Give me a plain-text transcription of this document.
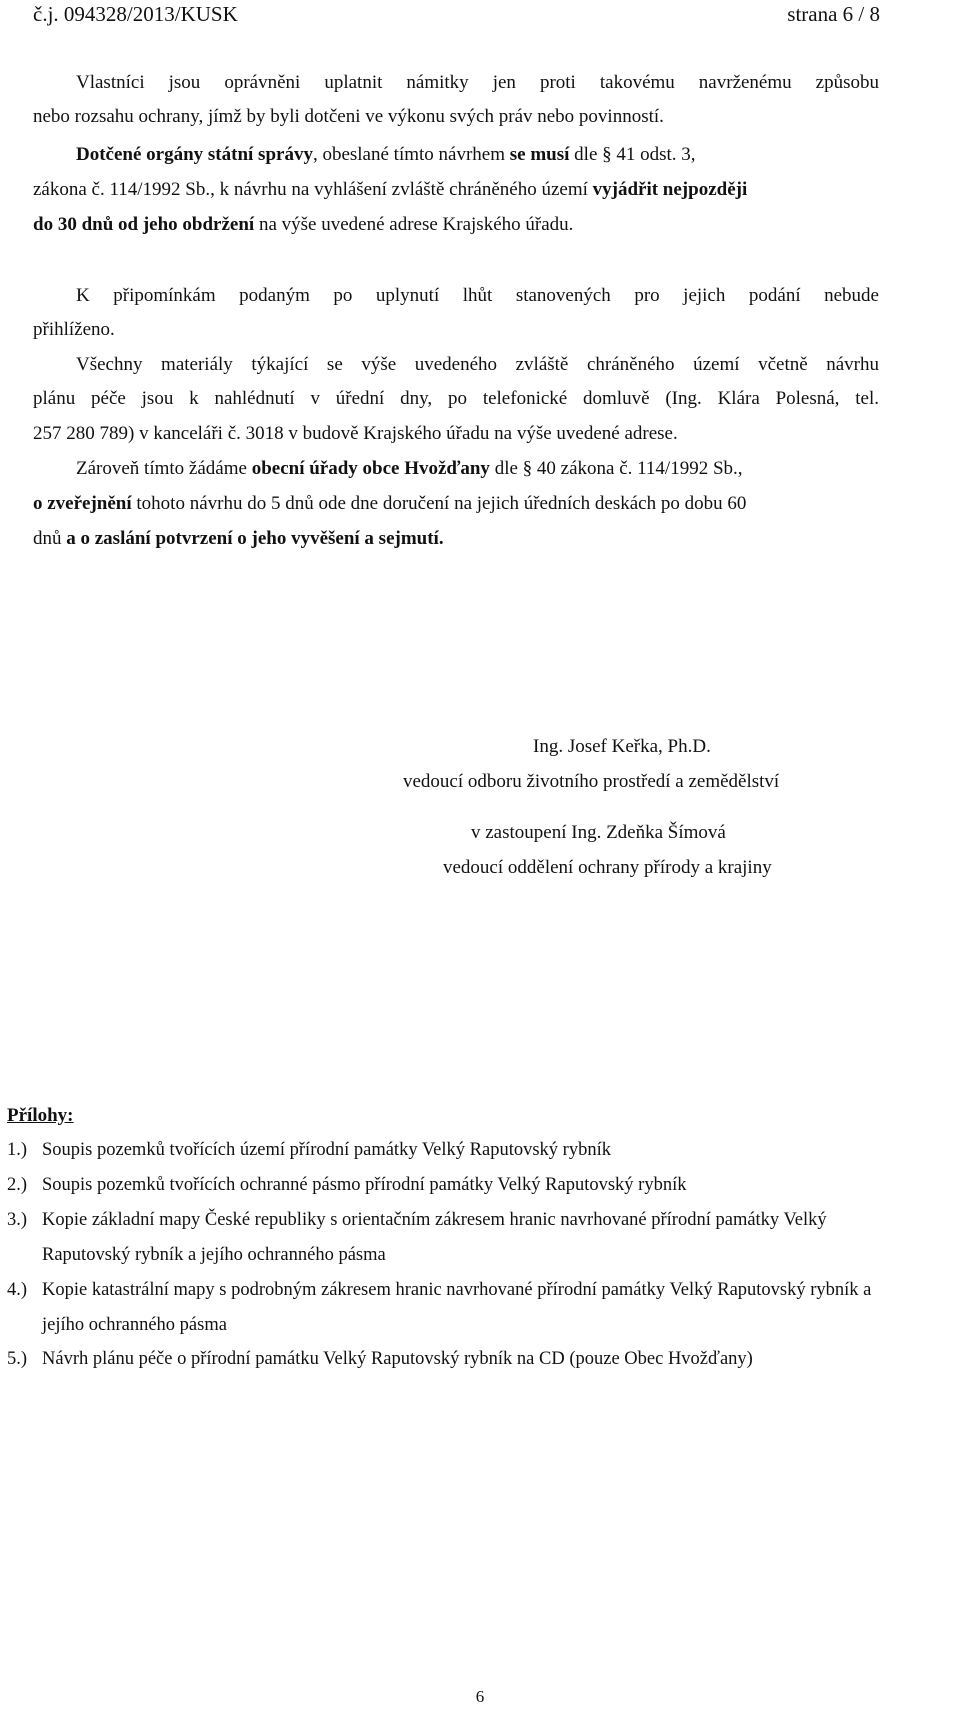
č.j. 094328/2013/KUSK	strana 6 / 8
Vlastníci jsou oprávněni uplatnit námitky jen proti takovému navrženému způsobu
nebo rozsahu ochrany, jímž by byli dotčeni ve výkonu svých práv nebo povinností.
Dotčené orgány státní správy, obeslané tímto návrhem se musí dle § 41 odst. 3,
zákona č. 114/1992 Sb., k návrhu na vyhlášení zvláště chráněného území vyjádřit nejpozději
do 30 dnů od jeho obdržení na výše uvedené adrese Krajského úřadu.
K připomínkám podaným po uplynutí lhůt stanovených pro jejich podání nebude
přihlíženo.
Všechny materiály týkající se výše uvedeného zvláště chráněného území včetně návrhu
plánu péče jsou k nahlédnutí v úřední dny, po telefonické domluvě (Ing. Klára Polesná, tel.
257 280 789) v kanceláři č. 3018 v budově Krajského úřadu na výše uvedené adrese.
Zároveň tímto žádáme obecní úřady obce Hvožďany dle § 40 zákona č. 114/1992 Sb.,
o zveřejnění tohoto návrhu do 5 dnů ode dne doručení na jejich úředních deskách po dobu 60
dnů a o zaslání potvrzení o jeho vyvěšení a sejmutí.
Ing. Josef Keřka, Ph.D.
vedoucí odboru životního prostředí a zemědělství
v zastoupení Ing. Zdeňka Šímová
vedoucí oddělení ochrany přírody a krajiny
Přílohy:
1.) Soupis pozemků tvořících území přírodní památky Velký Raputovský rybník
2.) Soupis pozemků tvořících ochranné pásmo přírodní památky Velký Raputovský rybník
3.) Kopie základní mapy České republiky s orientačním zákresem hranic navrhované přírodní památky Velký Raputovský rybník a jejího ochranného pásma
4.) Kopie katastrální mapy s podrobným zákresem hranic navrhované přírodní památky Velký Raputovský rybník a jejího ochranného pásma
5.) Návrh plánu péče o přírodní památku Velký Raputovský rybník na CD (pouze Obec Hvožďany)
6
